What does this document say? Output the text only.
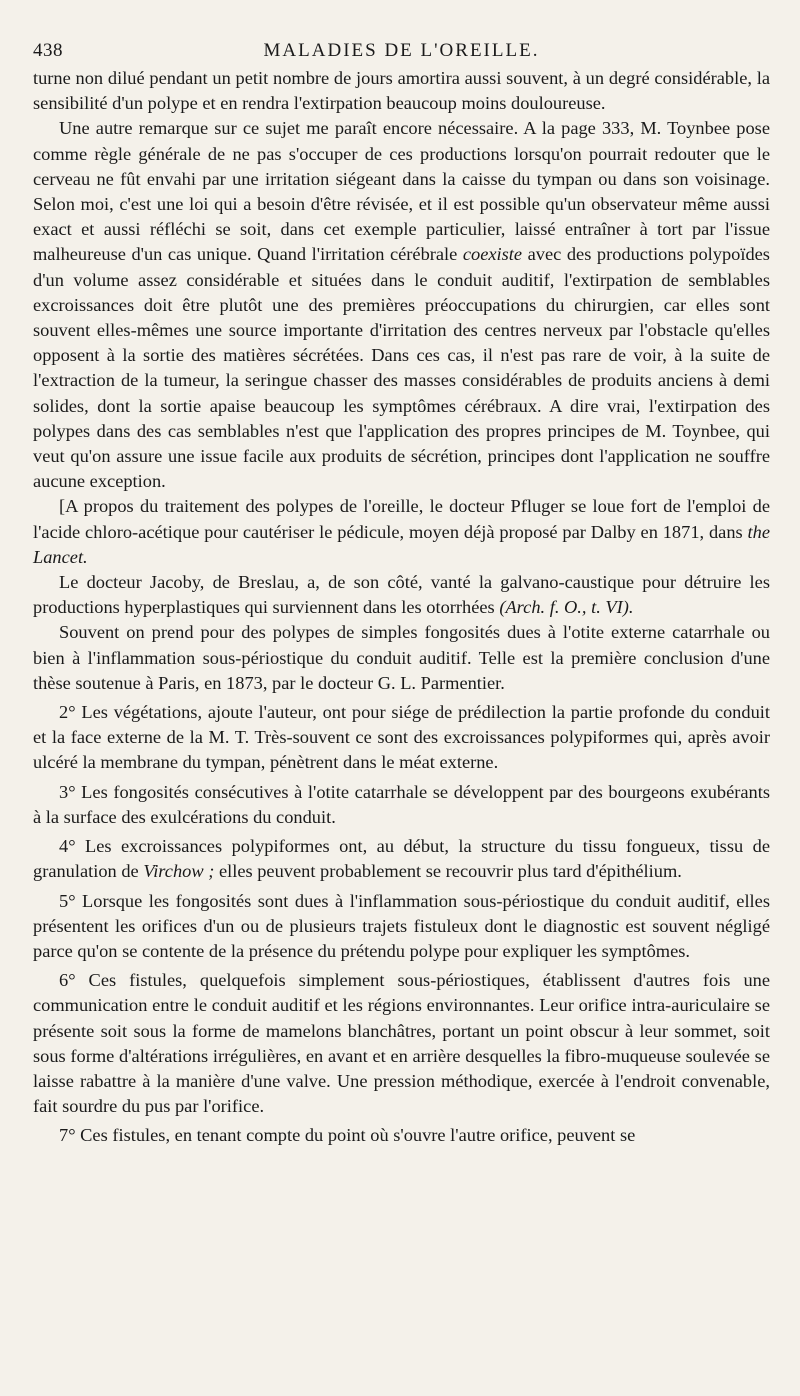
438	MALADIES DE L'OREILLE.

turne non dilué pendant un petit nombre de jours amortira aussi souvent, à un degré considérable, la sensibilité d'un polype et en rendra l'extirpation beaucoup moins douloureuse.

Une autre remarque sur ce sujet me paraît encore nécessaire. A la page 333, M. Toynbee pose comme règle générale de ne pas s'occuper de ces productions lorsqu'on pourrait redouter que le cerveau ne fût envahi par une irritation siégeant dans la caisse du tympan ou dans son voisinage. Selon moi, c'est une loi qui a besoin d'être révisée, et il est possible qu'un observateur même aussi exact et aussi réfléchi se soit, dans cet exemple particulier, laissé entraîner à tort par l'issue malheureuse d'un cas unique. Quand l'irritation cérébrale coexiste avec des productions polypoïdes d'un volume assez considérable et situées dans le conduit auditif, l'extirpation de semblables excroissances doit être plutôt une des premières préoccupations du chirurgien, car elles sont souvent elles-mêmes une source importante d'irritation des centres nerveux par l'obstacle qu'elles opposent à la sortie des matières sécrétées. Dans ces cas, il n'est pas rare de voir, à la suite de l'extraction de la tumeur, la seringue chasser des masses considérables de produits anciens à demi solides, dont la sortie apaise beaucoup les symptômes cérébraux. A dire vrai, l'extirpation des polypes dans des cas semblables n'est que l'application des propres principes de M. Toynbee, qui veut qu'on assure une issue facile aux produits de sécrétion, principes dont l'application ne souffre aucune exception.

[A propos du traitement des polypes de l'oreille, le docteur Pfluger se loue fort de l'emploi de l'acide chloro-acétique pour cautériser le pédicule, moyen déjà proposé par Dalby en 1871, dans the Lancet.

Le docteur Jacoby, de Breslau, a, de son côté, vanté la galvano-caustique pour détruire les productions hyperplastiques qui surviennent dans les otorrhées (Arch. f. O., t. VI).

Souvent on prend pour des polypes de simples fongosités dues à l'otite externe catarrhale ou bien à l'inflammation sous-périostique du conduit auditif. Telle est la première conclusion d'une thèse soutenue à Paris, en 1873, par le docteur G. L. Parmentier.

2° Les végétations, ajoute l'auteur, ont pour siége de prédilection la partie profonde du conduit et la face externe de la M. T. Très-souvent ce sont des excroissances polypiformes qui, après avoir ulcéré la membrane du tympan, pénètrent dans le méat externe.

3° Les fongosités consécutives à l'otite catarrhale se développent par des bourgeons exubérants à la surface des exulcérations du conduit.

4° Les excroissances polypiformes ont, au début, la structure du tissu fongueux, tissu de granulation de Virchow ; elles peuvent probablement se recouvrir plus tard d'épithélium.

5° Lorsque les fongosités sont dues à l'inflammation sous-périostique du conduit auditif, elles présentent les orifices d'un ou de plusieurs trajets fistuleux dont le diagnostic est souvent négligé parce qu'on se contente de la présence du prétendu polype pour expliquer les symptômes.

6° Ces fistules, quelquefois simplement sous-périostiques, établissent d'autres fois une communication entre le conduit auditif et les régions environnantes. Leur orifice intra-auriculaire se présente soit sous la forme de mamelons blanchâtres, portant un point obscur à leur sommet, soit sous forme d'altérations irrégulières, en avant et en arrière desquelles la fibro-muqueuse soulevée se laisse rabattre à la manière d'une valve. Une pression méthodique, exercée à l'endroit convenable, fait sourdre du pus par l'orifice.

7° Ces fistules, en tenant compte du point où s'ouvre l'autre orifice, peuvent se
